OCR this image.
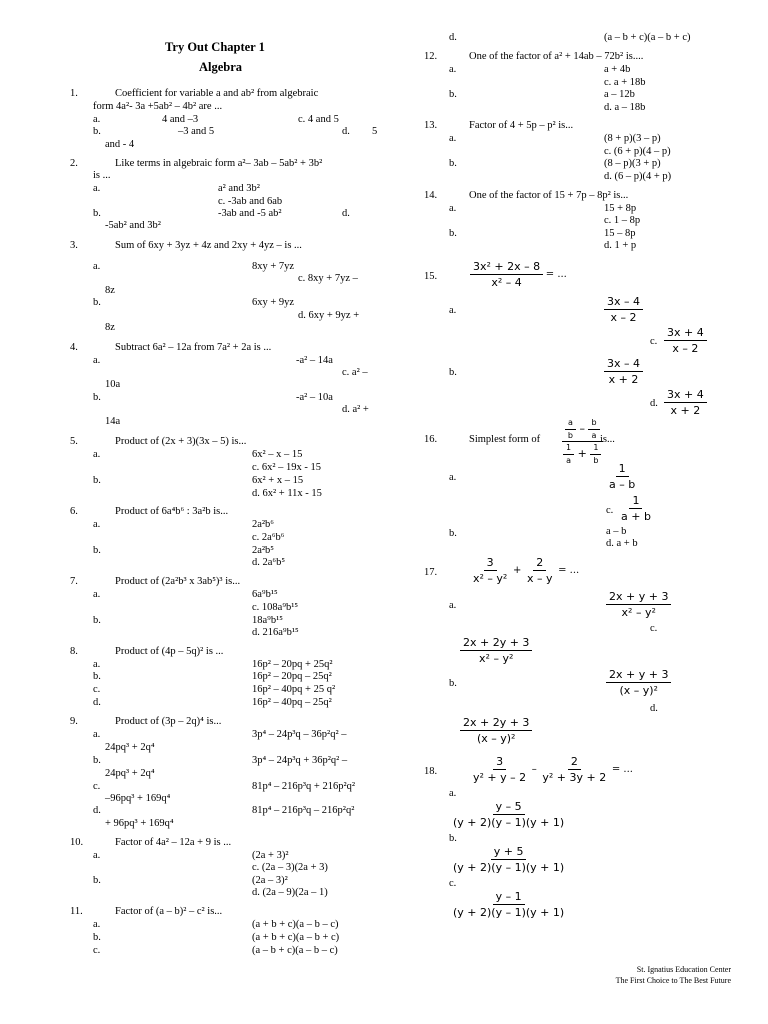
Try Out Chapter 1
Algebra
1.	Coefficient for variable a and ab² from algebraic
form 4a²- 3a +5ab² – 4b² are ...
a.	4 and –3	c. 4 and 5
b.	–3 and 5	d. 5
and - 4
2.	Like terms in algebraic form a²– 3ab – 5ab² + 3b²
is ...
a.	a² and 3b²
c. -3ab and 6ab
b.	-3ab and -5 ab²	d.
-5ab² and 3b²
3.	Sum of 6xy + 3yz + 4z and 2xy + 4yz – is ...
a.	8xy + 7yz
c. 8xy + 7yz –
8z
b.	6xy + 9yz
d. 6xy + 9yz +
8z
4.	Subtract 6a² – 12a from 7a² + 2a is ...
a.	-a² – 14a
c. a² –
10a
b.	-a² – 10a
d. a² +
14a
5.	Product of (2x + 3)(3x – 5) is...
a.	6x² – x – 15
c. 6x² – 19x - 15
b.	6x² + x – 15
d. 6x² + 11x - 15
6.	Product of 6a⁴b⁶ : 3a²b is...
a.	2a²b⁶
c. 2a⁶b⁶
b.	2a²b⁵
d. 2a⁶b⁵
7.	Product of (2a²b³ x 3ab⁵)³ is...
a.	6a⁹b¹⁵
c. 108a⁹b¹⁵
b.	18a⁹b¹⁵
d. 216a⁹b¹⁵
8.	Product of (4p – 5q)² is ...
a.	16p² – 20pq + 25q²
b.	16p² – 20pq – 25q²
c.	16p² – 40pq + 25 q²
d.	16p² – 40pq – 25q²
9.	Product of (3p – 2q)⁴ is...
a.	3p⁴ – 24p³q – 36p²q² –
24pq³ + 2q⁴
b.	3p⁴ – 24p³q + 36p²q² –
24pq³ + 2q⁴
c.	81p⁴ – 216p³q + 216p²q²
–96pq³ + 169q⁴
d.	81p⁴ – 216p³q – 216p²q²
+ 96pq³ + 169q⁴
10.	Factor of 4a² – 12a + 9 is ...
a.	(2a + 3)²
c. (2a – 3)(2a + 3)
b.	(2a – 3)²
d. (2a – 9)(2a – 1)
11.	Factor of (a – b)² – c² is...
a.	(a + b + c)(a – b – c)
b.	(a + b + c)(a – b + c)
c.	(a – b + c)(a – b – c)
d.	(a – b + c)(a – b + c)
12.	One of the factor of a² + 14ab – 72b² is....
a.	a + 4b
c. a + 18b
b.	a – 12b
d. a – 18b
13.	Factor of 4 + 5p – p² is...
a.	(8 + p)(3 – p)
c. (6 + p)(4 – p)
b.	(8 – p)(3 + p)
d. (6 – p)(4 + p)
14.	One of the factor of 15 + 7p – 8p² is...
a.	15 + 8p
c. 1 – 8p
b.	15 – 8p
d. 1 + p
15.	$\frac{\text{3x² + 2x – 8}}{\text{x² – 4}}$ = ...
a.	$\frac{3x - 4}{x - 2}$
c. $\frac{3x + 4}{x - 2}$
b.	$\frac{3x - 4}{x + 2}$
d. $\frac{3x + 4}{x + 2}$
16.	Simplest form of $\frac{\frac{a}{b} - \frac{b}{a}}{\frac{1}{a} + \frac{1}{b}}$
is...
a.	$\frac{1}{a - b}$
c. $\frac{1}{a + b}$
b.	a – b
d. a + b
17.	$\frac{3}{\text{x² – y²}} + \frac{2}{x - y}$ = ...
a.	$\frac{2x + y + 3}{\text{x² – y²}}$
c.
$\frac{2x + 2y + 3}{\text{x² – y²}}$
b.	$\frac{2x + y + 3}{\text{(x – y)²}}$
d.
$\frac{2x + 2y + 3}{\text{(x – y)²}}$
18.	$\frac{3}{\text{y² + y – 2}} - \frac{2}{\text{y² + 3y + 2}}$ = ...
a.
$\frac{y - 5}{(y + 2)(y - 1)(y + 1)}$
b.
$\frac{y + 5}{(y + 2)(y - 1)(y + 1)}$
c.
$\frac{y - 1}{(y + 2)(y - 1)(y + 1)}$
St. Ignatius Education Center
The First Choice to The Best Future
